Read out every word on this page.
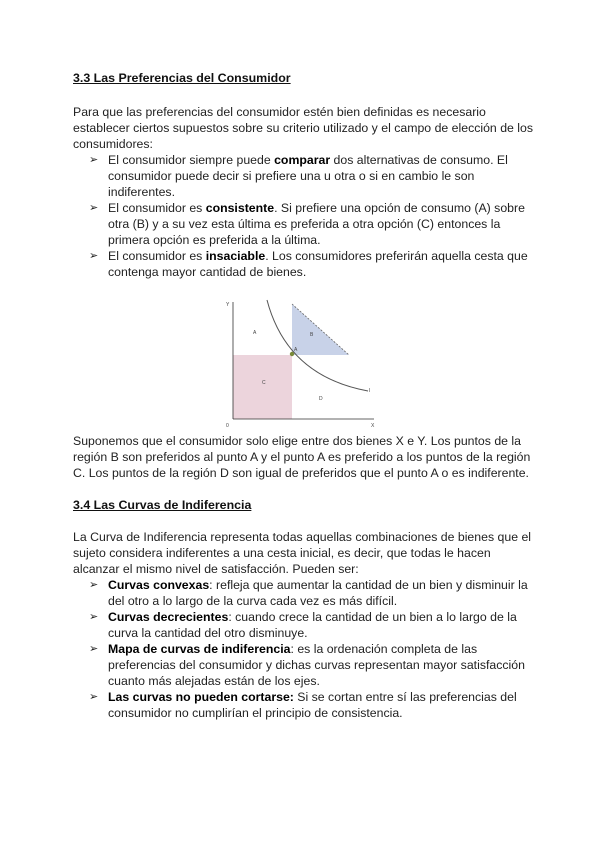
3.3 Las Preferencias del Consumidor
Para que las preferencias del consumidor estén bien definidas es necesario establecer ciertos supuestos sobre su criterio utilizado y el campo de elección de los consumidores:
➢ El consumidor siempre puede comparar dos alternativas de consumo. El consumidor puede decir si prefiere una u otra o si en cambio le son indiferentes.
➢ El consumidor es consistente. Si prefiere una opción de consumo (A) sobre otra (B) y a su vez esta última es preferida a otra opción (C) entonces la primera opción es preferida a la última.
➢ El consumidor es insaciable. Los consumidores preferirán aquella cesta que contenga mayor cantidad de bienes.
Y
X
0
A
I
A	B
C
D
Suponemos que el consumidor solo elige entre dos bienes X e Y. Los puntos de la región B son preferidos al punto A y el punto A es preferido a los puntos de la región C. Los puntos de la región D son igual de preferidos que el punto A o es indiferente.
3.4 Las Curvas de Indiferencia
La Curva de Indiferencia representa todas aquellas combinaciones de bienes que el sujeto considera indiferentes a una cesta inicial, es decir, que todas le hacen alcanzar el mismo nivel de satisfacción. Pueden ser:
➢ Curvas convexas: refleja que aumentar la cantidad de un bien y disminuir la del otro a lo largo de la curva cada vez es más difícil.
➢ Curvas decrecientes: cuando crece la cantidad de un bien a lo largo de la curva la cantidad del otro disminuye.
➢ Mapa de curvas de indiferencia: es la ordenación completa de las preferencias del consumidor y dichas curvas representan mayor satisfacción cuanto más alejadas están de los ejes.
➢ Las curvas no pueden cortarse: Si se cortan entre sí las preferencias del consumidor no cumplirían el principio de consistencia.
